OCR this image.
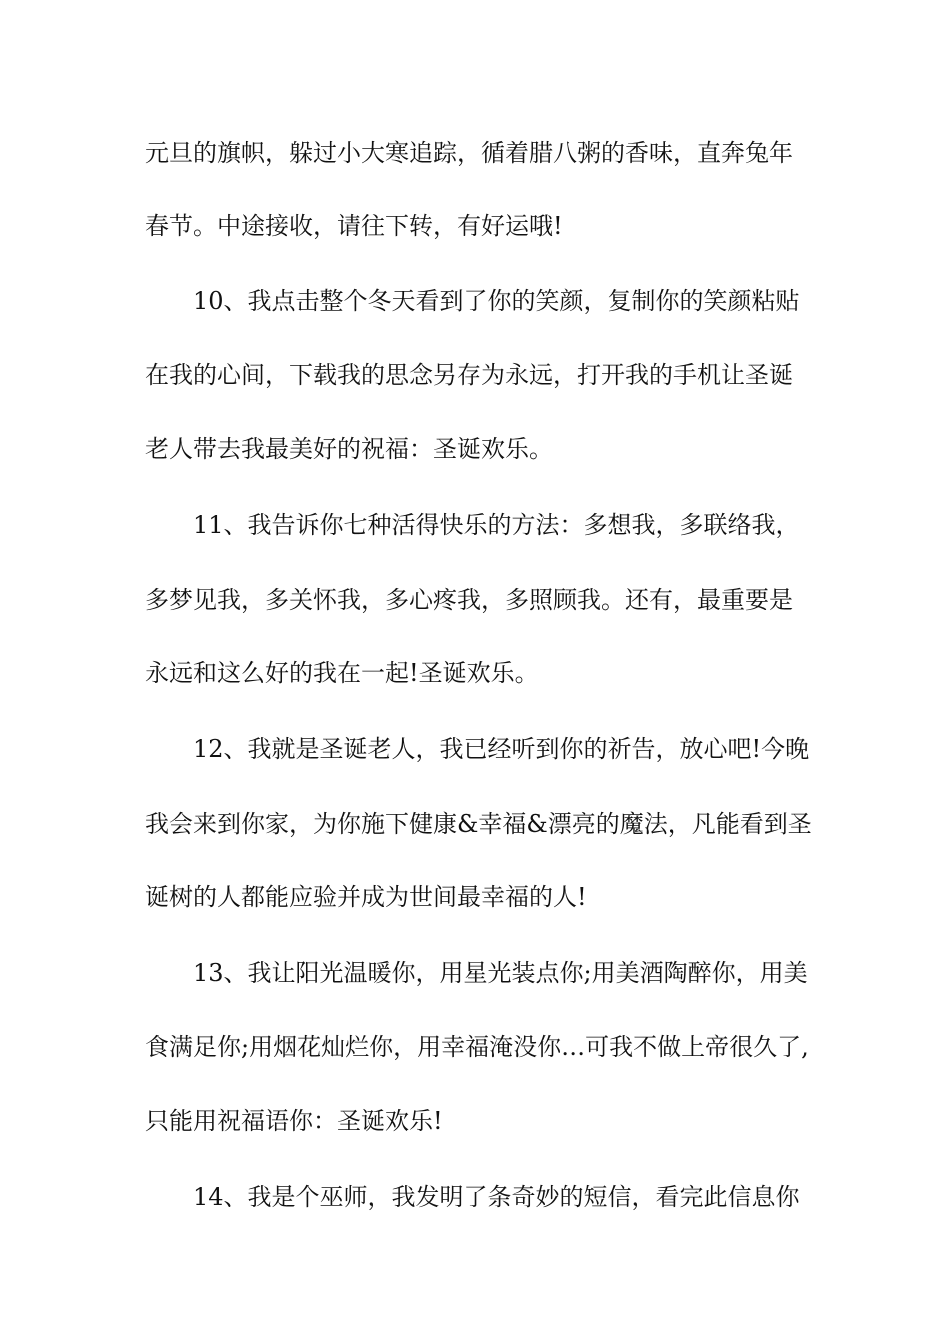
元旦的旗帜，躲过小大寒追踪，循着腊八粥的香味，直奔兔年

春节。中途接收，请往下转，有好运哦!

10、我点击整个冬天看到了你的笑颜，复制你的笑颜粘贴

在我的心间，下载我的思念另存为永远，打开我的手机让圣诞

老人带去我最美好的祝福：圣诞欢乐。

11、我告诉你七种活得快乐的方法：多想我，多联络我，

多梦见我，多关怀我，多心疼我，多照顾我。还有，最重要是

永远和这么好的我在一起!圣诞欢乐。

12、我就是圣诞老人，我已经听到你的祈告，放心吧!今晚

我会来到你家，为你施下健康&幸福&漂亮的魔法，凡能看到圣

诞树的人都能应验并成为世间最幸福的人!

13、我让阳光温暖你，用星光装点你;用美酒陶醉你，用美

食满足你;用烟花灿烂你，用幸福淹没你…可我不做上帝很久了,

只能用祝福语你：圣诞欢乐!

14、我是个巫师，我发明了条奇妙的短信，看完此信息你
